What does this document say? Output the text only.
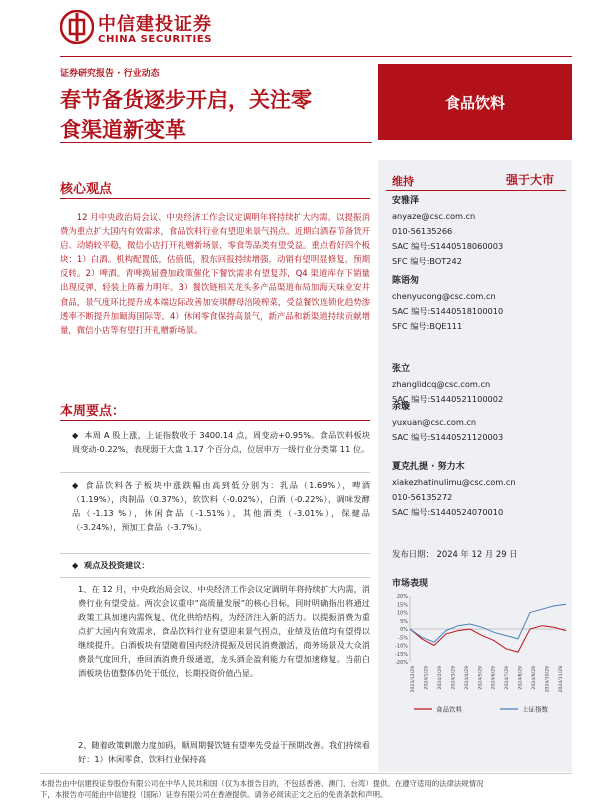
中信建投证券
CHINA SECURITIES
证券研究报告 · 行业动态
春节备货逐步开启，关注零
食渠道新变革
食品饮料
核心观点
12 月中央政治局会议、中央经济工作会议定调明年将持续扩大内需，以提振消费为重点扩大国内有效需求，食品饮料行业有望迎来景气拐点。近期白酒春节备货开启、动销较平稳，微信小店打开礼赠新场景，零食等品类有望受益。重点看好四个板块：1）白酒。机构配置低，估值低，股东回报持续增强，动销有望明显修复，预期反转。2）啤酒。青啤换届叠加政策催化下餐饮需求有望复苏，Q4 渠道库存下销量出现反弹，轻装上阵蓄力明年。3）餐饮链相关龙头多产品渠道布局加海天味业安井食品，景气度环比提升成本端边际改善加安琪酵母涪陵榨菜，受益餐饮连锁化趋势渗透率不断提升加颐海国际等。4）休闲零食保持高景气，新产品和新渠道持续贡献增量，微信小店等有望打开礼赠新场景。
本周要点：
◆ 本周 A 股上涨，上证指数收于 3400.14 点，周变动+0.95%。食品饮料板块周变动-0.22%，表现弱于大盘 1.17 个百分点，位居申万一级行业分类第 11 位。
◆ 食品饮料各子板块中涨跌幅由高到低分别为：乳品（1.69%），啤酒（1.19%），肉制品（0.37%），软饮料（-0.02%），白酒（-0.22%），调味发酵品（-1.13 %），休闲食品（-1.51%），其他酒类（-3.01%），保健品（-3.24%），预加工食品（-3.7%）。
◆ 观点及投资建议：
1、在 12 月，中央政治局会议、中央经济工作会议定调明年将持续扩大内需，消费行业有望受益。两次会议重申“高质量发展”的核心目标，同时明确指出将通过政策工具加速内需恢复、优化供给结构，为经济注入新的活力。以提振消费为重点扩大国内有效需求，食品饮料行业有望迎来景气拐点，业绩及估值均有望得以继续提升。白酒板块有望随着国内经济提振及居民消费激活，商务场景及大众消费景气度回升，垂回酒消费升级通道，龙头酒企盈利能力有望加速修复。当前白酒板块估值整体仍处于低位，长期投资价值凸显。
2、随着政策刺激力度加码，顺周期餐饮链有望率先受益于预期改善。我们持续看好：1）休闲零食、饮料行业保持高
维持	强于大市
安雅泽
anyaze@csc.com.cn
010-56135266
SAC 编号:S1440518060003
SFC 编号:BOT242
陈语匆
chenyucong@csc.com.cn
SAC 编号:S1440518100010
SFC 编号:BQE111
张立
zhanglidcq@csc.com.cn
SAC 编号:S1440521100002
余璇
yuxuan@csc.com.cn
SAC 编号:S1440521120003
夏克扎提 · 努力木
xiakezhatinulimu@csc.com.cn
010-56135272
SAC 编号:S1440524070010
发布日期： 2024 年 12 月 29 日
市场表现
20%
15%
10%
5%
0%
-5%
-10%
-15%
-20%
2023/12/29 2024/1/29 2024/2/29 2024/3/29 2024/4/29 2024/5/29 2024/6/29 2024/7/29 2024/8/29 2024/9/29 2024/10/29 2024/11/29
食品饮料	上证指数
本报告由中信建投证券股份有限公司在中华人民共和国（仅为本报告目的，不包括香港、澳门、台湾）提供。在遵守适用的法律法规情况
下，本报告亦可能由中信建投（国际）证券有限公司在香港提供。请务必阅读正文之后的免责条款和声明。
